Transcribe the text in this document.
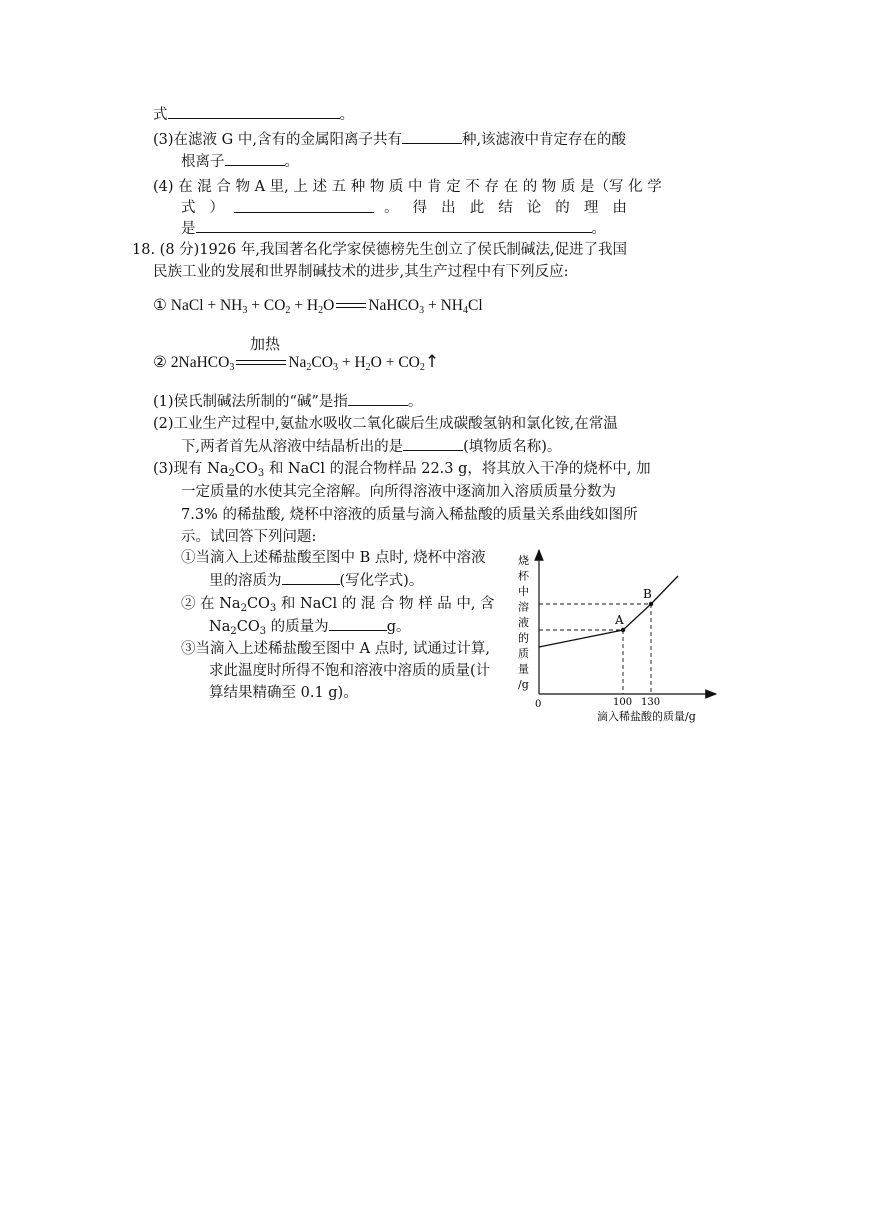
式	。
(3)在滤液 G 中,含有的金属阳离子共有	种,该滤液中肯定存在的酸
根离子	。
(4) 在 混 合 物 A 里, 上 述 五 种 物 质 中 肯 定 不 存 在 的 物 质 是（写 化 学
式 ）	。 得 出 此 结 论 的 理 由
是	。
18. (8 分)1926 年,我国著名化学家侯德榜先生创立了侯氏制碱法,促进了我国
民族工业的发展和世界制碱技术的进步,其生产过程中有下列反应:
① NaCl + $NH_3 + CO_2 + H_2O$ NaHCO$_3$ + $NH_4Cl$
加热
② 2NaHCO$_3$	$Na_2CO_3 + H_2O$ + $CO_2↑$
(1)侯氏制碱法所制的“碱”是指	。
(2)工业生产过程中,氨盐水吸收二氧化碳后生成碳酸氢钠和氯化铵,在常温
下,两者首先从溶液中结晶析出的是	(填物质名称)。
(3)现有 $Na_2CO_3$ 和 NaCl 的混合物样品 22.3 g，将其放入干净的烧杯中, 加
一定质量的水使其完全溶解。向所得溶液中逐滴加入溶质质量分数为
7.3% 的稀盐酸, 烧杯中溶液的质量与滴入稀盐酸的质量关系曲线如图所
示。试回答下列问题:
①当滴入上述稀盐酸至图中 B 点时, 烧杯中溶液
里的溶质为	(写化学式)。
② 在 $Na_2CO_3$ 和 NaCl 的 混 合 物 样 品 中, 含
$Na_2CO_3$ 的质量为	g。
③当滴入上述稀盐酸至图中 A 点时, 试通过计算,
求此温度时所得不饱和溶液中溶质的质量(计
算结果精确至 0.1 g)。
A
B
0	100 130
滴入稀盐酸的质量/g
烧
杯
中
溶
液
的
质
量
/g
